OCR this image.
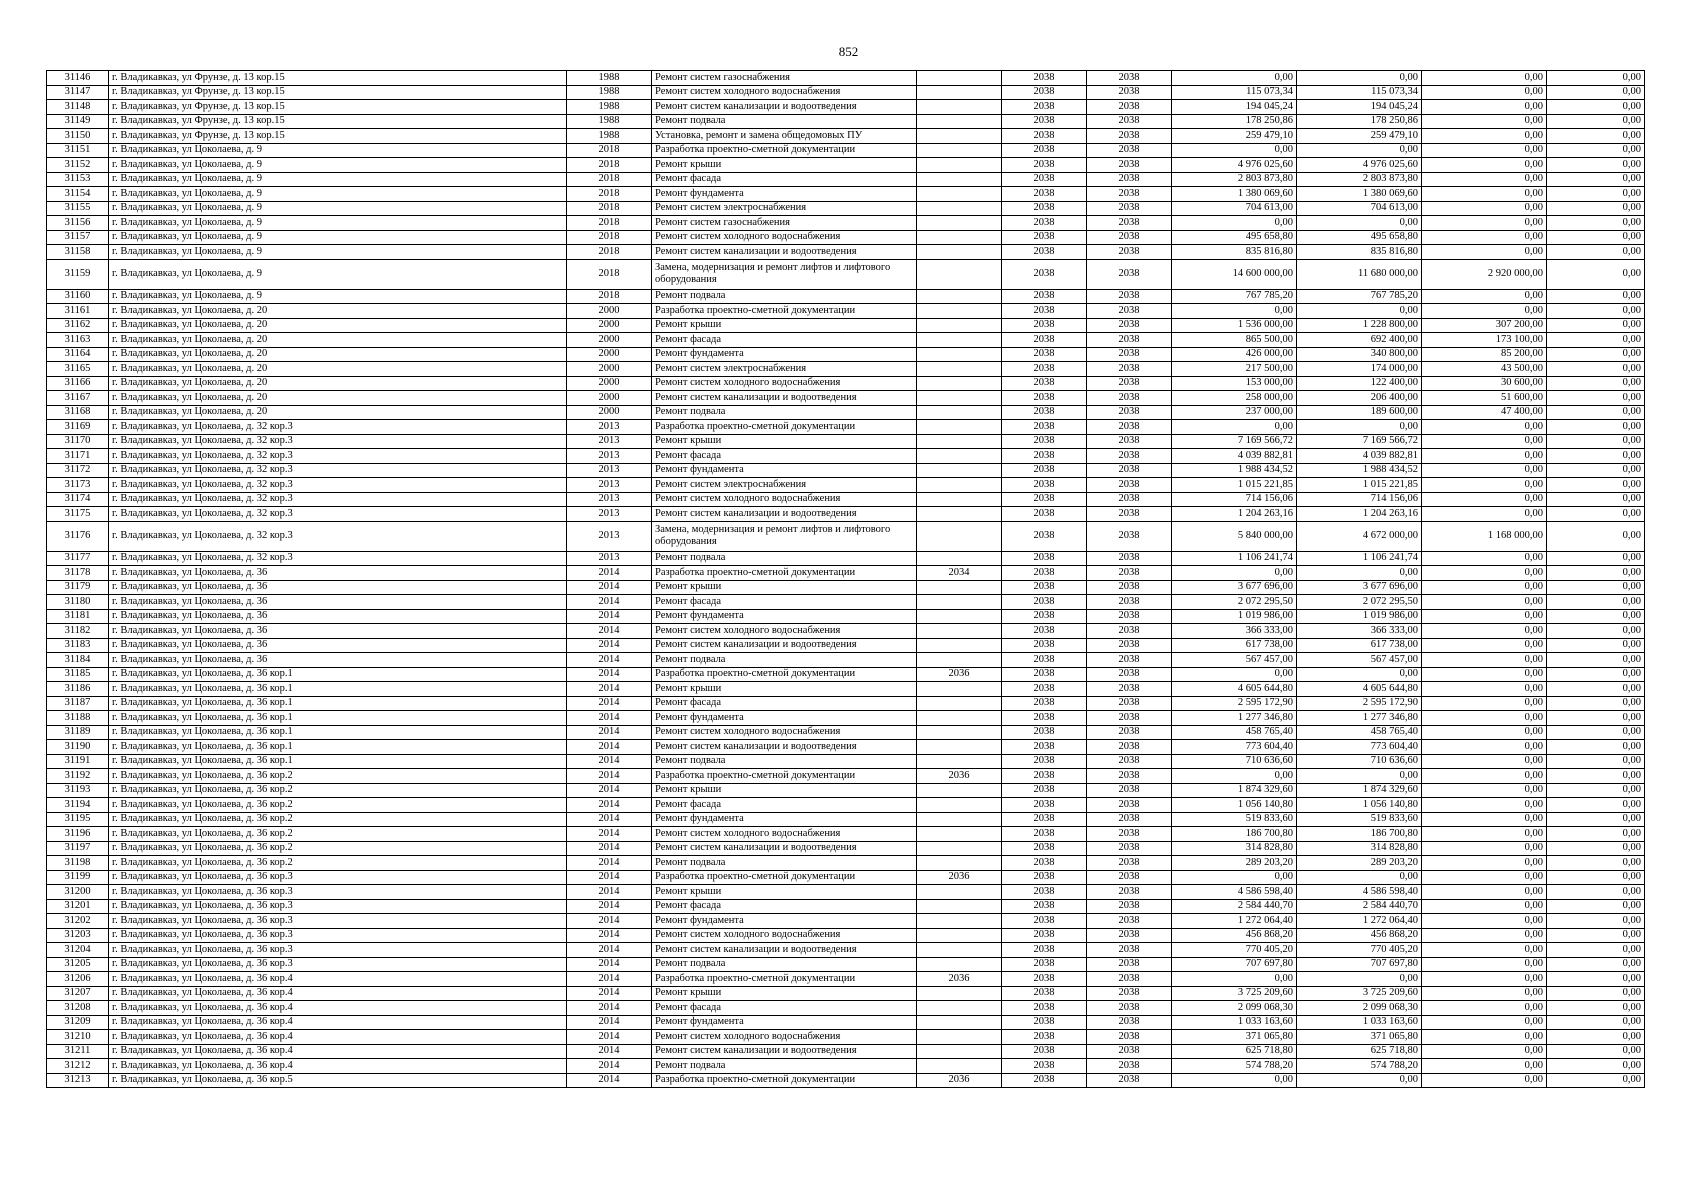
852
31146	г. Владикавказ, ул Фрунзе, д. 13 кор.15	1988	Ремонт систем газоснабжения		2038	2038	0,00	0,00	0,00	0,00
31147	г. Владикавказ, ул Фрунзе, д. 13 кор.15	1988	Ремонт систем холодного водоснабжения		2038	2038	115 073,34	115 073,34	0,00	0,00
31148	г. Владикавказ, ул Фрунзе, д. 13 кор.15	1988	Ремонт систем канализации и водоотведения		2038	2038	194 045,24	194 045,24	0,00	0,00
31149	г. Владикавказ, ул Фрунзе, д. 13 кор.15	1988	Ремонт подвала		2038	2038	178 250,86	178 250,86	0,00	0,00
31150	г. Владикавказ, ул Фрунзе, д. 13 кор.15	1988	Установка, ремонт и замена общедомовых ПУ		2038	2038	259 479,10	259 479,10	0,00	0,00
31151	г. Владикавказ, ул Цоколаева, д. 9	2018	Разработка проектно-сметной документации		2038	2038	0,00	0,00	0,00	0,00
31152	г. Владикавказ, ул Цоколаева, д. 9	2018	Ремонт крыши		2038	2038	4 976 025,60	4 976 025,60	0,00	0,00
31153	г. Владикавказ, ул Цоколаева, д. 9	2018	Ремонт фасада		2038	2038	2 803 873,80	2 803 873,80	0,00	0,00
31154	г. Владикавказ, ул Цоколаева, д. 9	2018	Ремонт фундамента		2038	2038	1 380 069,60	1 380 069,60	0,00	0,00
31155	г. Владикавказ, ул Цоколаева, д. 9	2018	Ремонт систем электроснабжения		2038	2038	704 613,00	704 613,00	0,00	0,00
31156	г. Владикавказ, ул Цоколаева, д. 9	2018	Ремонт систем газоснабжения		2038	2038	0,00	0,00	0,00	0,00
31157	г. Владикавказ, ул Цоколаева, д. 9	2018	Ремонт систем холодного водоснабжения		2038	2038	495 658,80	495 658,80	0,00	0,00
31158	г. Владикавказ, ул Цоколаева, д. 9	2018	Ремонт систем канализации и водоотведения		2038	2038	835 816,80	835 816,80	0,00	0,00
31159	г. Владикавказ, ул Цоколаева, д. 9	2018	Замена, модернизация и ремонт лифтов и лифтового оборудования		2038	2038	14 600 000,00	11 680 000,00	2 920 000,00	0,00
31160	г. Владикавказ, ул Цоколаева, д. 9	2018	Ремонт подвала		2038	2038	767 785,20	767 785,20	0,00	0,00
31161	г. Владикавказ, ул Цоколаева, д. 20	2000	Разработка проектно-сметной документации		2038	2038	0,00	0,00	0,00	0,00
31162	г. Владикавказ, ул Цоколаева, д. 20	2000	Ремонт крыши		2038	2038	1 536 000,00	1 228 800,00	307 200,00	0,00
31163	г. Владикавказ, ул Цоколаева, д. 20	2000	Ремонт фасада		2038	2038	865 500,00	692 400,00	173 100,00	0,00
31164	г. Владикавказ, ул Цоколаева, д. 20	2000	Ремонт фундамента		2038	2038	426 000,00	340 800,00	85 200,00	0,00
31165	г. Владикавказ, ул Цоколаева, д. 20	2000	Ремонт систем электроснабжения		2038	2038	217 500,00	174 000,00	43 500,00	0,00
31166	г. Владикавказ, ул Цоколаева, д. 20	2000	Ремонт систем холодного водоснабжения		2038	2038	153 000,00	122 400,00	30 600,00	0,00
31167	г. Владикавказ, ул Цоколаева, д. 20	2000	Ремонт систем канализации и водоотведения		2038	2038	258 000,00	206 400,00	51 600,00	0,00
31168	г. Владикавказ, ул Цоколаева, д. 20	2000	Ремонт подвала		2038	2038	237 000,00	189 600,00	47 400,00	0,00
31169	г. Владикавказ, ул Цоколаева, д. 32 кор.3	2013	Разработка проектно-сметной документации		2038	2038	0,00	0,00	0,00	0,00
31170	г. Владикавказ, ул Цоколаева, д. 32 кор.3	2013	Ремонт крыши		2038	2038	7 169 566,72	7 169 566,72	0,00	0,00
31171	г. Владикавказ, ул Цоколаева, д. 32 кор.3	2013	Ремонт фасада		2038	2038	4 039 882,81	4 039 882,81	0,00	0,00
31172	г. Владикавказ, ул Цоколаева, д. 32 кор.3	2013	Ремонт фундамента		2038	2038	1 988 434,52	1 988 434,52	0,00	0,00
31173	г. Владикавказ, ул Цоколаева, д. 32 кор.3	2013	Ремонт систем электроснабжения		2038	2038	1 015 221,85	1 015 221,85	0,00	0,00
31174	г. Владикавказ, ул Цоколаева, д. 32 кор.3	2013	Ремонт систем холодного водоснабжения		2038	2038	714 156,06	714 156,06	0,00	0,00
31175	г. Владикавказ, ул Цоколаева, д. 32 кор.3	2013	Ремонт систем канализации и водоотведения		2038	2038	1 204 263,16	1 204 263,16	0,00	0,00
31176	г. Владикавказ, ул Цоколаева, д. 32 кор.3	2013	Замена, модернизация и ремонт лифтов и лифтового оборудования		2038	2038	5 840 000,00	4 672 000,00	1 168 000,00	0,00
31177	г. Владикавказ, ул Цоколаева, д. 32 кор.3	2013	Ремонт подвала		2038	2038	1 106 241,74	1 106 241,74	0,00	0,00
31178	г. Владикавказ, ул Цоколаева, д. 36	2014	Разработка проектно-сметной документации	2034	2038	2038	0,00	0,00	0,00	0,00
31179	г. Владикавказ, ул Цоколаева, д. 36	2014	Ремонт крыши		2038	2038	3 677 696,00	3 677 696,00	0,00	0,00
31180	г. Владикавказ, ул Цоколаева, д. 36	2014	Ремонт фасада		2038	2038	2 072 295,50	2 072 295,50	0,00	0,00
31181	г. Владикавказ, ул Цоколаева, д. 36	2014	Ремонт фундамента		2038	2038	1 019 986,00	1 019 986,00	0,00	0,00
31182	г. Владикавказ, ул Цоколаева, д. 36	2014	Ремонт систем холодного водоснабжения		2038	2038	366 333,00	366 333,00	0,00	0,00
31183	г. Владикавказ, ул Цоколаева, д. 36	2014	Ремонт систем канализации и водоотведения		2038	2038	617 738,00	617 738,00	0,00	0,00
31184	г. Владикавказ, ул Цоколаева, д. 36	2014	Ремонт подвала		2038	2038	567 457,00	567 457,00	0,00	0,00
31185	г. Владикавказ, ул Цоколаева, д. 36 кор.1	2014	Разработка проектно-сметной документации	2036	2038	2038	0,00	0,00	0,00	0,00
31186	г. Владикавказ, ул Цоколаева, д. 36 кор.1	2014	Ремонт крыши		2038	2038	4 605 644,80	4 605 644,80	0,00	0,00
31187	г. Владикавказ, ул Цоколаева, д. 36 кор.1	2014	Ремонт фасада		2038	2038	2 595 172,90	2 595 172,90	0,00	0,00
31188	г. Владикавказ, ул Цоколаева, д. 36 кор.1	2014	Ремонт фундамента		2038	2038	1 277 346,80	1 277 346,80	0,00	0,00
31189	г. Владикавказ, ул Цоколаева, д. 36 кор.1	2014	Ремонт систем холодного водоснабжения		2038	2038	458 765,40	458 765,40	0,00	0,00
31190	г. Владикавказ, ул Цоколаева, д. 36 кор.1	2014	Ремонт систем канализации и водоотведения		2038	2038	773 604,40	773 604,40	0,00	0,00
31191	г. Владикавказ, ул Цоколаева, д. 36 кор.1	2014	Ремонт подвала		2038	2038	710 636,60	710 636,60	0,00	0,00
31192	г. Владикавказ, ул Цоколаева, д. 36 кор.2	2014	Разработка проектно-сметной документации	2036	2038	2038	0,00	0,00	0,00	0,00
31193	г. Владикавказ, ул Цоколаева, д. 36 кор.2	2014	Ремонт крыши		2038	2038	1 874 329,60	1 874 329,60	0,00	0,00
31194	г. Владикавказ, ул Цоколаева, д. 36 кор.2	2014	Ремонт фасада		2038	2038	1 056 140,80	1 056 140,80	0,00	0,00
31195	г. Владикавказ, ул Цоколаева, д. 36 кор.2	2014	Ремонт фундамента		2038	2038	519 833,60	519 833,60	0,00	0,00
31196	г. Владикавказ, ул Цоколаева, д. 36 кор.2	2014	Ремонт систем холодного водоснабжения		2038	2038	186 700,80	186 700,80	0,00	0,00
31197	г. Владикавказ, ул Цоколаева, д. 36 кор.2	2014	Ремонт систем канализации и водоотведения		2038	2038	314 828,80	314 828,80	0,00	0,00
31198	г. Владикавказ, ул Цоколаева, д. 36 кор.2	2014	Ремонт подвала		2038	2038	289 203,20	289 203,20	0,00	0,00
31199	г. Владикавказ, ул Цоколаева, д. 36 кор.3	2014	Разработка проектно-сметной документации	2036	2038	2038	0,00	0,00	0,00	0,00
31200	г. Владикавказ, ул Цоколаева, д. 36 кор.3	2014	Ремонт крыши		2038	2038	4 586 598,40	4 586 598,40	0,00	0,00
31201	г. Владикавказ, ул Цоколаева, д. 36 кор.3	2014	Ремонт фасада		2038	2038	2 584 440,70	2 584 440,70	0,00	0,00
31202	г. Владикавказ, ул Цоколаева, д. 36 кор.3	2014	Ремонт фундамента		2038	2038	1 272 064,40	1 272 064,40	0,00	0,00
31203	г. Владикавказ, ул Цоколаева, д. 36 кор.3	2014	Ремонт систем холодного водоснабжения		2038	2038	456 868,20	456 868,20	0,00	0,00
31204	г. Владикавказ, ул Цоколаева, д. 36 кор.3	2014	Ремонт систем канализации и водоотведения		2038	2038	770 405,20	770 405,20	0,00	0,00
31205	г. Владикавказ, ул Цоколаева, д. 36 кор.3	2014	Ремонт подвала		2038	2038	707 697,80	707 697,80	0,00	0,00
31206	г. Владикавказ, ул Цоколаева, д. 36 кор.4	2014	Разработка проектно-сметной документации	2036	2038	2038	0,00	0,00	0,00	0,00
31207	г. Владикавказ, ул Цоколаева, д. 36 кор.4	2014	Ремонт крыши		2038	2038	3 725 209,60	3 725 209,60	0,00	0,00
31208	г. Владикавказ, ул Цоколаева, д. 36 кор.4	2014	Ремонт фасада		2038	2038	2 099 068,30	2 099 068,30	0,00	0,00
31209	г. Владикавказ, ул Цоколаева, д. 36 кор.4	2014	Ремонт фундамента		2038	2038	1 033 163,60	1 033 163,60	0,00	0,00
31210	г. Владикавказ, ул Цоколаева, д. 36 кор.4	2014	Ремонт систем холодного водоснабжения		2038	2038	371 065,80	371 065,80	0,00	0,00
31211	г. Владикавказ, ул Цоколаева, д. 36 кор.4	2014	Ремонт систем канализации и водоотведения		2038	2038	625 718,80	625 718,80	0,00	0,00
31212	г. Владикавказ, ул Цоколаева, д. 36 кор.4	2014	Ремонт подвала		2038	2038	574 788,20	574 788,20	0,00	0,00
31213	г. Владикавказ, ул Цоколаева, д. 36 кор.5	2014	Разработка проектно-сметной документации	2036	2038	2038	0,00	0,00	0,00	0,00
